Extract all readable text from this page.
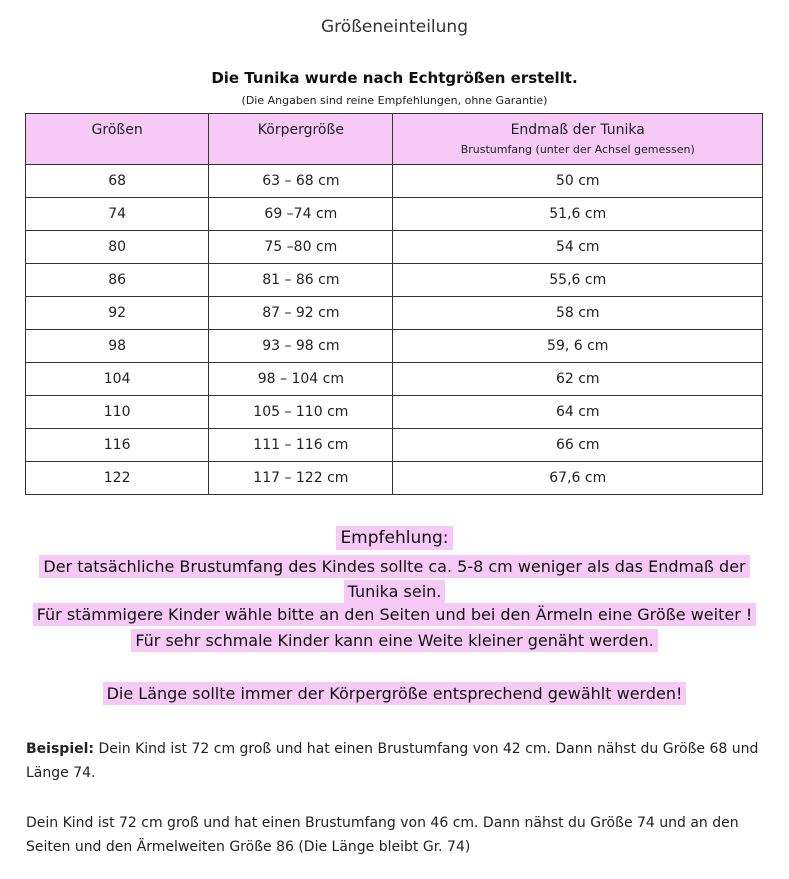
Größeneinteilung
Die Tunika wurde nach Echtgrößen erstellt.
(Die Angaben sind reine Empfehlungen, ohne Garantie)
Größen	Körpergröße	Endmaß der Tunika
Brustumfang (unter der Achsel gemessen)

68	63 – 68 cm	50 cm
74	69 –74 cm	51,6 cm
80	75 –80 cm	54 cm
86	81 – 86 cm	55,6 cm
92	87 – 92 cm	58 cm
98	93 – 98 cm	59, 6 cm
104	98 – 104 cm	62 cm
110	105 – 110 cm	64 cm
116	111 – 116 cm	66 cm
122	117 – 122 cm	67,6 cm
Empfehlung:
Der tatsächliche Brustumfang des Kindes sollte ca. 5-8 cm weniger als das Endmaß der
Tunika sein.
Für stämmigere Kinder wähle bitte an den Seiten und bei den Ärmeln eine Größe weiter !
Für sehr schmale Kinder kann eine Weite kleiner genäht werden.
Die Länge sollte immer der Körpergröße entsprechend gewählt werden!
Beispiel: Dein Kind ist 72 cm groß und hat einen Brustumfang von 42 cm. Dann nähst du Größe 68 und Länge 74.
Dein Kind ist 72 cm groß und hat einen Brustumfang von 46 cm. Dann nähst du Größe 74 und an den Seiten und den Ärmelweiten Größe 86 (Die Länge bleibt Gr. 74)
